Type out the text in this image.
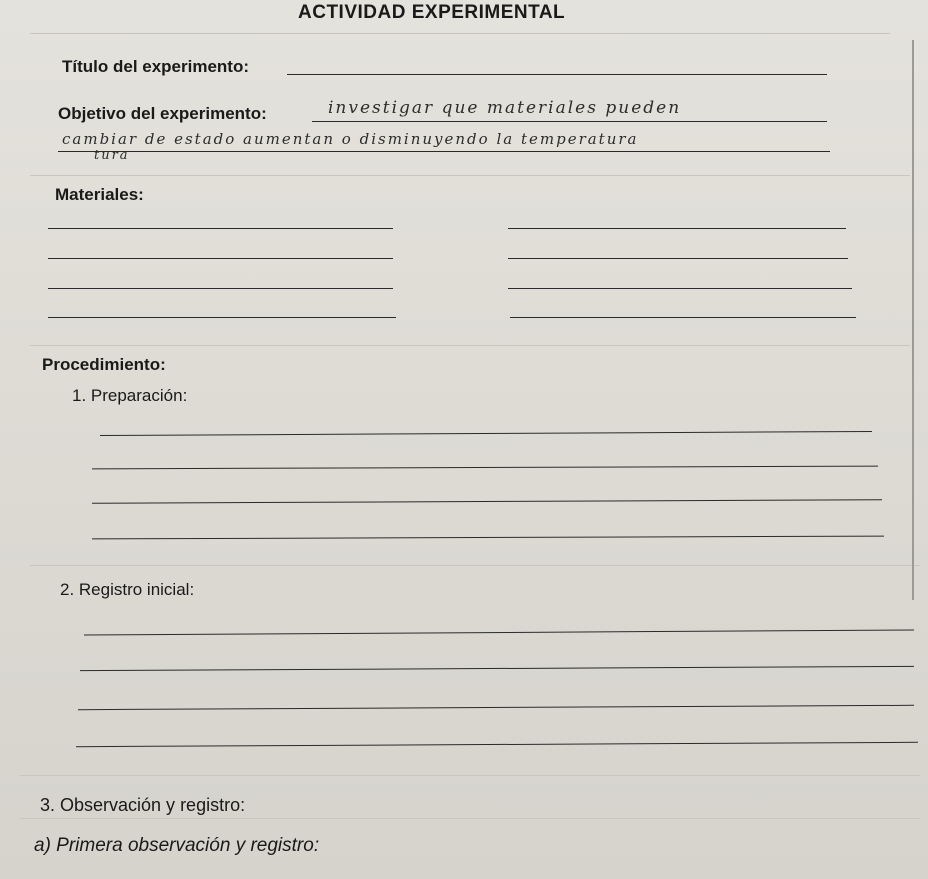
ACTIVIDAD EXPERIMENTAL
Título del experimento:
Objetivo del experimento:	investigar que materiales pueden
cambiar de estado aumentan o disminuyendo la temperatura
tura
Materiales:
Procedimiento:
1. Preparación:
2. Registro inicial:
3. Observación y registro:
a) Primera observación y registro:
